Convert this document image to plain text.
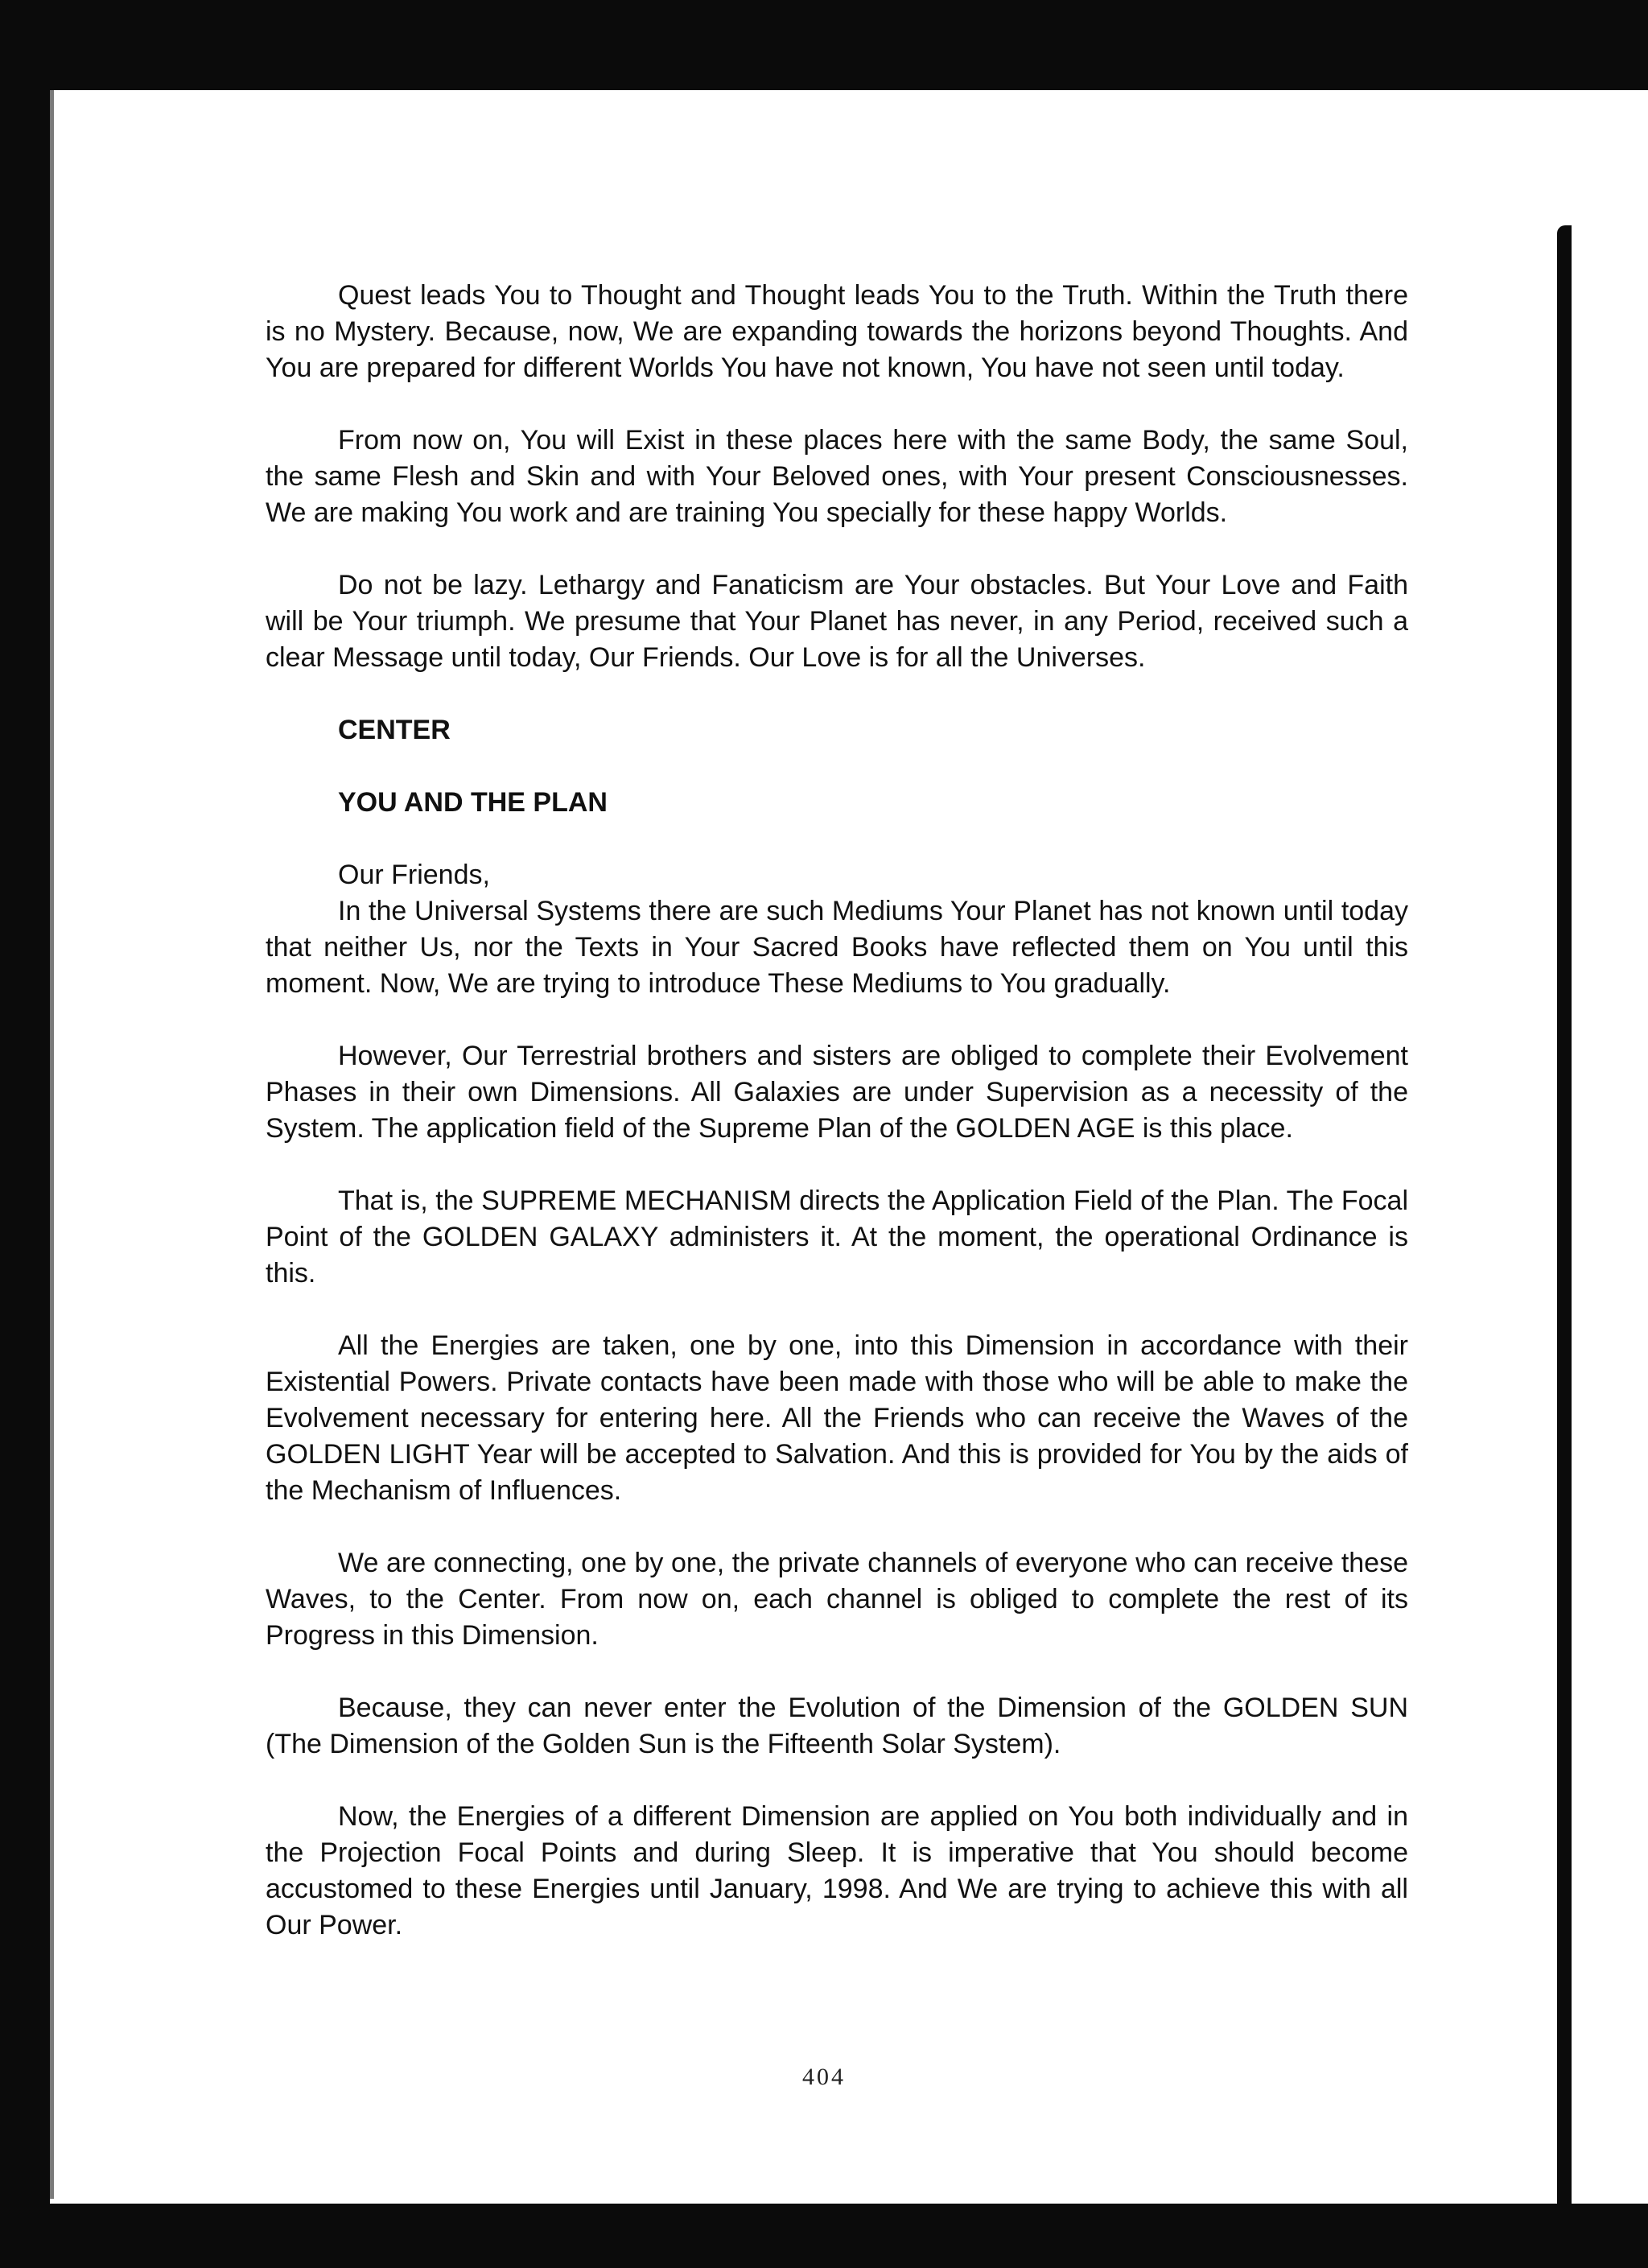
Quest leads You to Thought and Thought leads You to the Truth. Within the Truth there is no Mystery. Because, now, We are expanding towards the horizons beyond Thoughts. And You are prepared for different Worlds You have not known, You have not seen until today.

From now on, You will Exist in these places here with the same Body, the same Soul, the same Flesh and Skin and with Your Beloved ones, with Your present Consciousnesses. We are making You work and are training You specially for these happy Worlds.

Do not be lazy. Lethargy and Fanaticism are Your obstacles. But Your Love and Faith will be Your triumph. We presume that Your Planet has never, in any Period, received such a clear Message until today, Our Friends. Our Love is for all the Universes.

CENTER

YOU AND THE PLAN

Our Friends,

In the Universal Systems there are such Mediums Your Planet has not known until today that neither Us, nor the Texts in Your Sacred Books have reflected them on You until this moment. Now, We are trying to introduce These Mediums to You gradually.

However, Our Terrestrial brothers and sisters are obliged to complete their Evolvement Phases in their own Dimensions. All Galaxies are under Supervision as a necessity of the System. The application field of the Supreme Plan of the GOLDEN AGE is this place.

That is, the SUPREME MECHANISM directs the Application Field of the Plan. The Focal Point of the GOLDEN GALAXY administers it. At the moment, the operational Ordinance is this.

All the Energies are taken, one by one, into this Dimension in accordance with their Existential Powers. Private contacts have been made with those who will be able to make the Evolvement necessary for entering here. All the Friends who can receive the Waves of the GOLDEN LIGHT Year will be accepted to Salvation. And this is provided for You by the aids of the Mechanism of Influences.

We are connecting, one by one, the private channels of everyone who can receive these Waves, to the Center. From now on, each channel is obliged to complete the rest of its Progress in this Dimension.

Because, they can never enter the Evolution of the Dimension of the GOLDEN SUN (The Dimension of the Golden Sun is the Fifteenth Solar System).

Now, the Energies of a different Dimension are applied on You both individually and in the Projection Focal Points and during Sleep. It is imperative that You should become accustomed to these Energies until January, 1998. And We are trying to achieve this with all Our Power.

404
